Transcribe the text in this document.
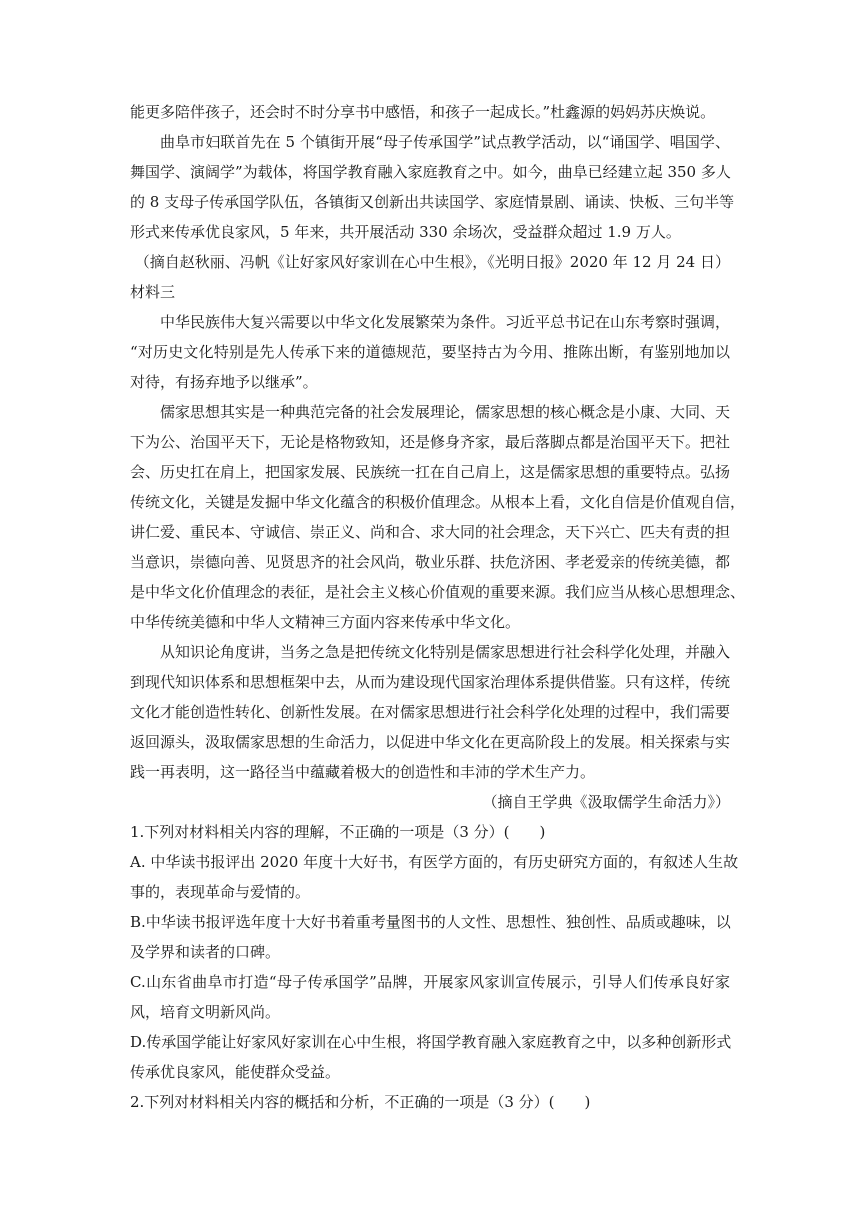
能更多陪伴孩子，还会时不时分享书中感悟，和孩子一起成长。”杜鑫源的妈妈苏庆焕说。
曲阜市妇联首先在 5 个镇街开展“母子传承国学”试点教学活动，以“诵国学、唱国学、
舞国学、演阔学”为载体，将国学教育融入家庭教育之中。如今，曲阜已经建立起 350 多人
的 8 支母子传承国学队伍，各镇街又创新出共读国学、家庭情景剧、诵读、快板、三句半等
形式来传承优良家风，5 年来，共开展活动 330 余场次，受益群众超过 1.9 万人。
（摘自赵秋丽、冯帆《让好家风好家训在心中生根》，《光明日报》2020 年 12 月 24 日）
材料三
中华民族伟大复兴需要以中华文化发展繁荣为条件。习近平总书记在山东考察时强调，
“对历史文化特别是先人传承下来的道德规范，要坚持古为今用、推陈出断，有鉴别地加以
对待，有扬弃地予以继承”。
儒家思想其实是一种典范完备的社会发展理论，儒家思想的核心概念是小康、大同、天
下为公、治国平天下，无论是格物致知，还是修身齐家，最后落脚点都是治国平天下。把社
会、历史扛在肩上，把国家发展、民族统一扛在自己肩上，这是儒家思想的重要特点。弘扬
传统文化，关键是发掘中华文化蕴含的积极价值理念。从根本上看，文化自信是价值观自信，
讲仁爱、重民本、守诚信、崇正义、尚和合、求大同的社会理念，天下兴亡、匹夫有责的担
当意识，崇德向善、见贤思齐的社会风尚，敬业乐群、扶危济困、孝老爱亲的传统美德，都
是中华文化价值理念的表征，是社会主义核心价值观的重要来源。我们应当从核心思想理念、
中华传统美德和中华人文精神三方面内容来传承中华文化。
从知识论角度讲，当务之急是把传统文化特别是儒家思想进行社会科学化处理，并融入
到现代知识体系和思想框架中去，从而为建设现代国家治理体系提供借鉴。只有这样，传统
文化才能创造性转化、创新性发展。在对儒家思想进行社会科学化处理的过程中，我们需要
返回源头，汲取儒家思想的生命活力，以促进中华文化在更高阶段上的发展。相关探索与实
践一再表明，这一路径当中蕴藏着极大的创造性和丰沛的学术生产力。
（摘自王学典《汲取儒学生命活力》）
1.下列对材料相关内容的理解，不正确的一项是（3 分）(　　)
A. 中华读书报评出 2020 年度十大好书，有医学方面的，有历史研究方面的，有叙述人生故
事的，表现革命与爱情的。
B.中华读书报评选年度十大好书着重考量图书的人文性、思想性、独创性、品质或趣味，以
及学界和读者的口碑。
C.山东省曲阜市打造“母子传承国学”品牌，开展家风家训宣传展示，引导人们传承良好家
风，培育文明新风尚。
D.传承国学能让好家风好家训在心中生根，将国学教育融入家庭教育之中，以多种创新形式
传承优良家风，能使群众受益。
2.下列对材料相关内容的概括和分析，不正确的一项是（3 分）(　　)
